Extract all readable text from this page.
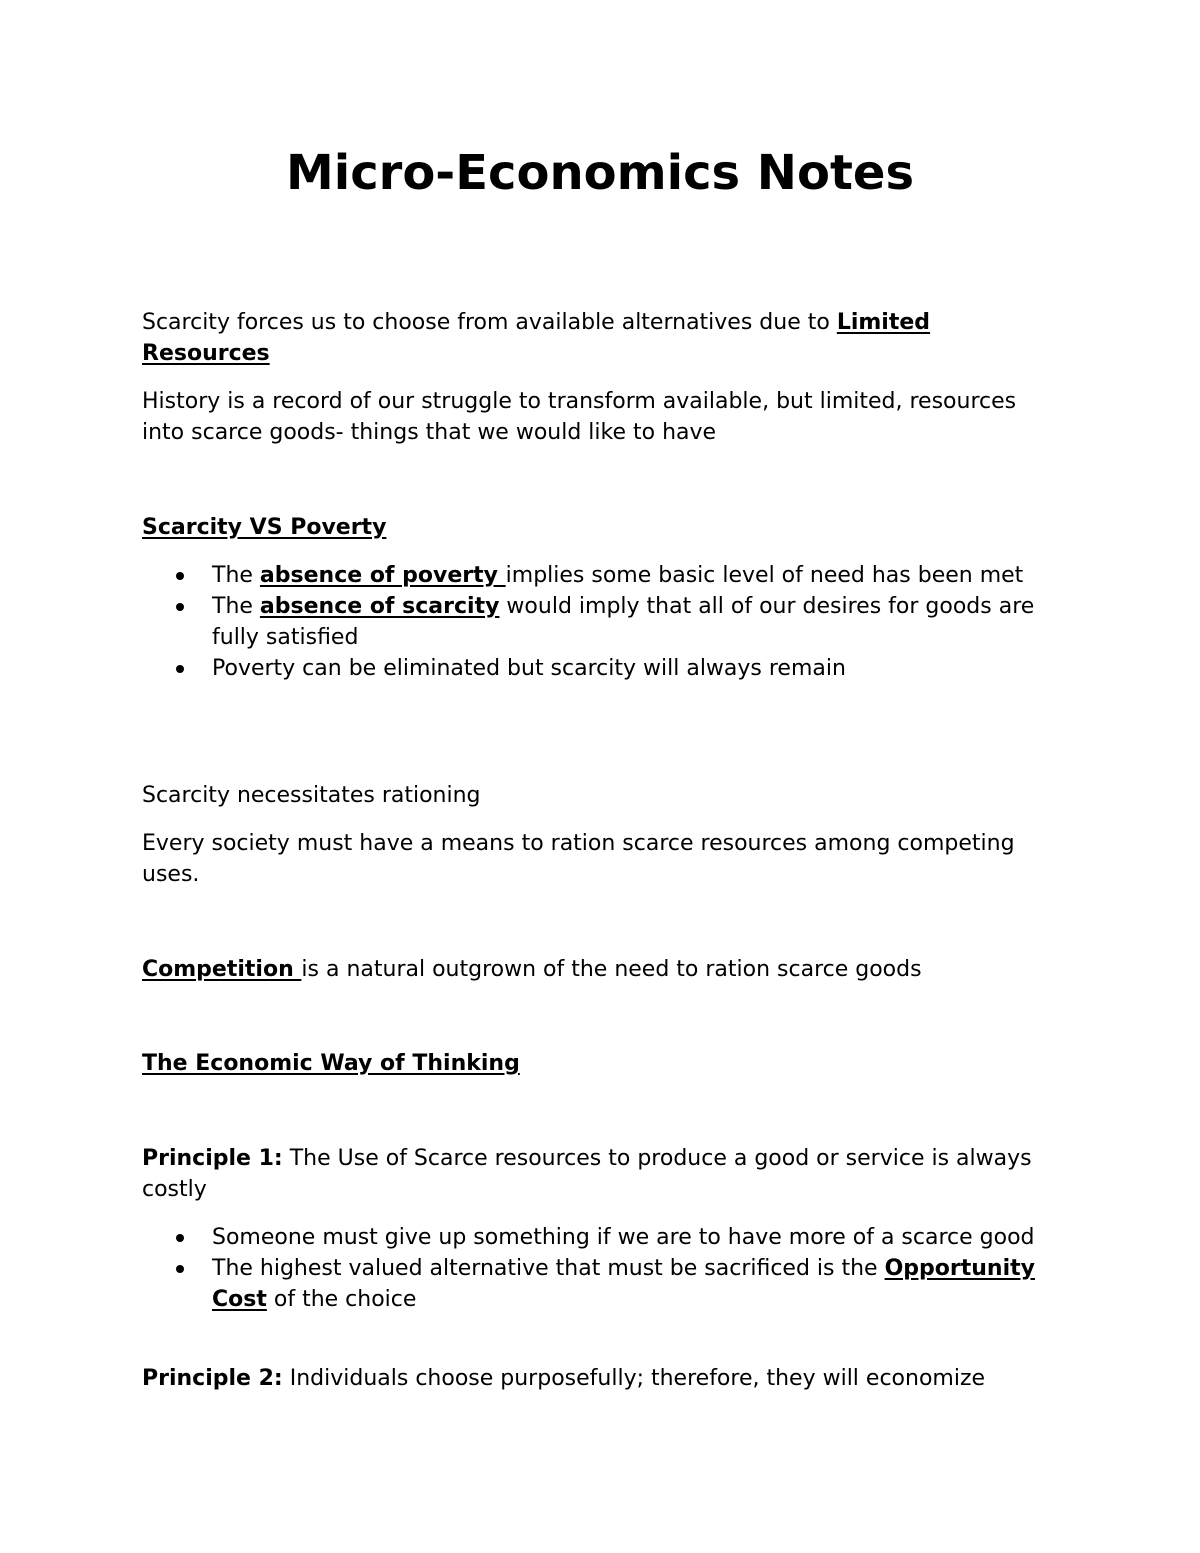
Micro-Economics Notes

Scarcity forces us to choose from available alternatives due to Limited Resources

History is a record of our struggle to transform available, but limited, resources into scarce goods- things that we would like to have

Scarcity VS Poverty

The absence of poverty implies some basic level of need has been met
The absence of scarcity would imply that all of our desires for goods are fully satisfied
Poverty can be eliminated but scarcity will always remain

Scarcity necessitates rationing

Every society must have a means to ration scarce resources among competing uses.

Competition is a natural outgrown of the need to ration scarce goods

The Economic Way of Thinking

Principle 1: The Use of Scarce resources to produce a good or service is always costly

Someone must give up something if we are to have more of a scarce good
The highest valued alternative that must be sacrificed is the Opportunity Cost of the choice

Principle 2: Individuals choose purposefully; therefore, they will economize
